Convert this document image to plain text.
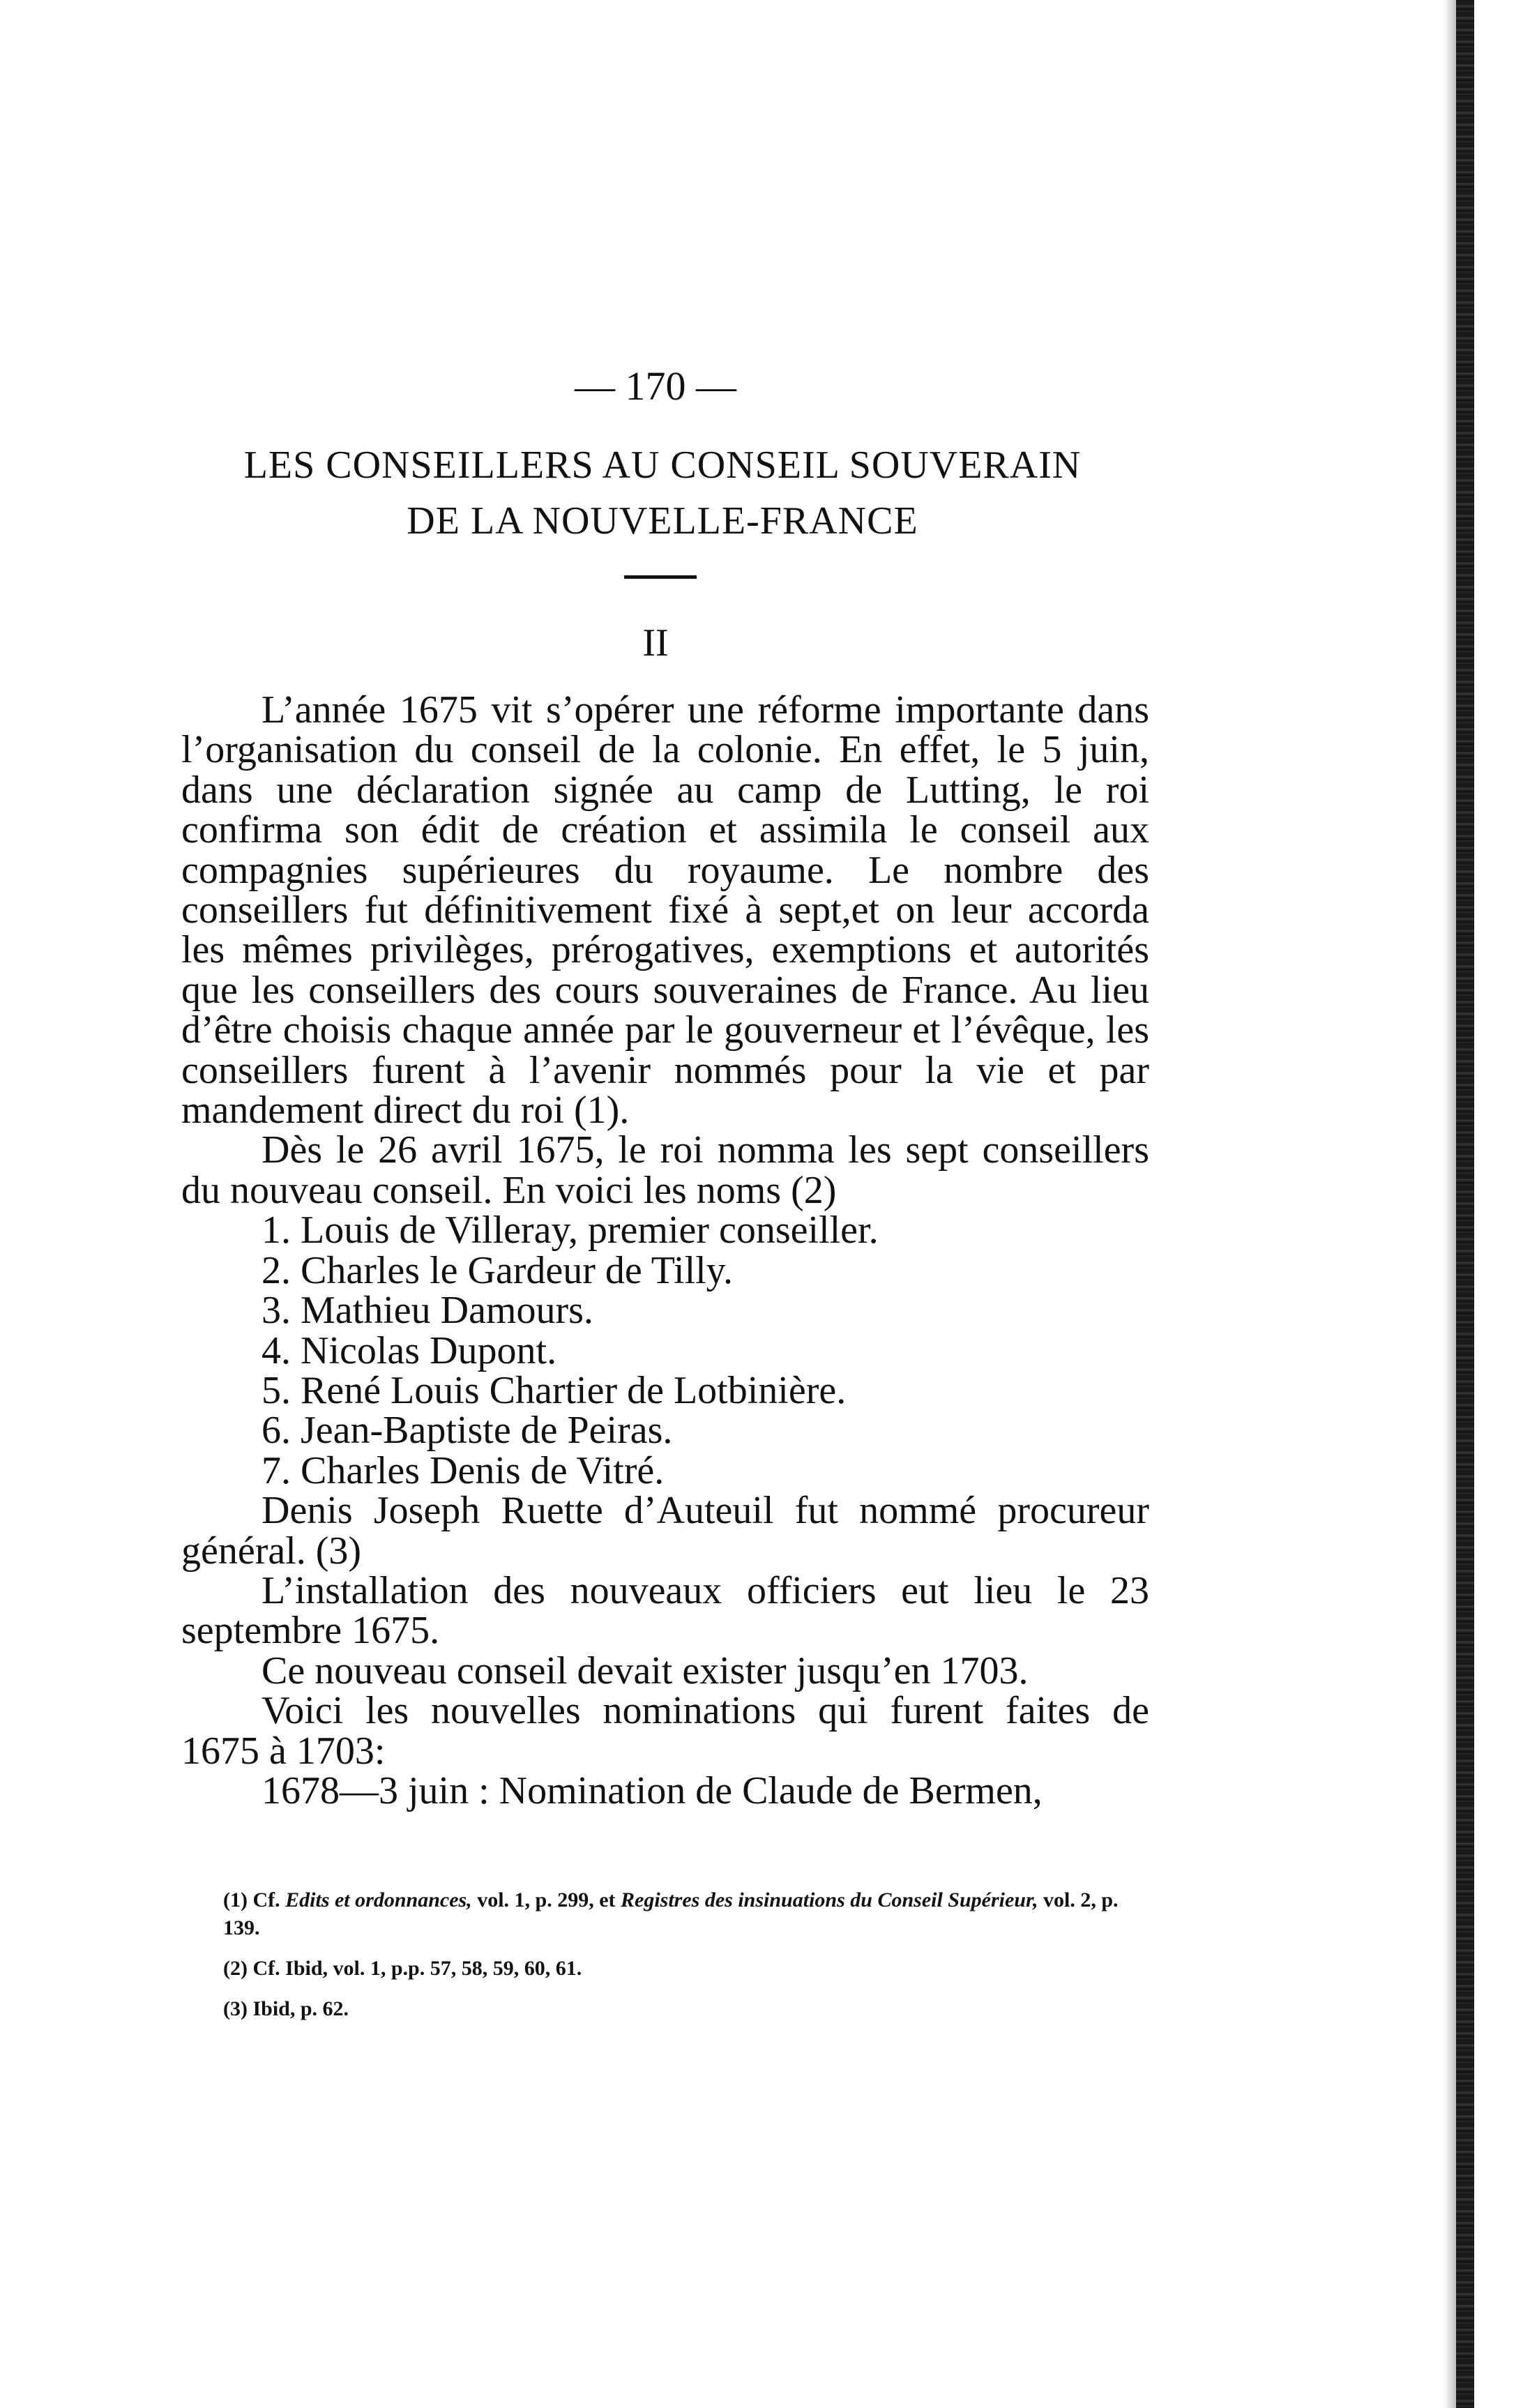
— 170 —
LES CONSEILLERS AU CONSEIL SOUVERAIN
DE LA NOUVELLE-FRANCE
II

L’année 1675 vit s’opérer une réforme importante dans l’organisation du conseil de la colonie. En effet, le 5 juin, dans une déclaration signée au camp de Lutting, le roi confirma son édit de création et assimila le conseil aux compagnies supérieures du royaume. Le nombre des conseillers fut définitivement fixé à sept,et on leur accorda les mêmes privilèges, prérogatives, exemptions et autorités que les conseillers des cours souveraines de France. Au lieu d’être choisis chaque année par le gouverneur et l’évêque, les conseillers furent à l’avenir nommés pour la vie et par mandement direct du roi (1).

Dès le 26 avril 1675, le roi nomma les sept conseillers du nouveau conseil. En voici les noms (2)

1. Louis de Villeray, premier conseiller.
2. Charles le Gardeur de Tilly.
3. Mathieu Damours.
4. Nicolas Dupont.
5. René Louis Chartier de Lotbinière.
6. Jean-Baptiste de Peiras.
7. Charles Denis de Vitré.

Denis Joseph Ruette d’Auteuil fut nommé procureur général. (3)

L’installation des nouveaux officiers eut lieu le 23 septembre 1675.

Ce nouveau conseil devait exister jusqu’en 1703.

Voici les nouvelles nominations qui furent faites de 1675 à 1703:

1678—3 juin : Nomination de Claude de Bermen,

(1) Cf. Edits et ordonnances, vol. 1, p. 299, et Registres des insinuations du Conseil Supérieur, vol. 2, p. 139.
(2) Cf. Ibid, vol. 1, p.p. 57, 58, 59, 60, 61.
(3) Ibid, p. 62.
